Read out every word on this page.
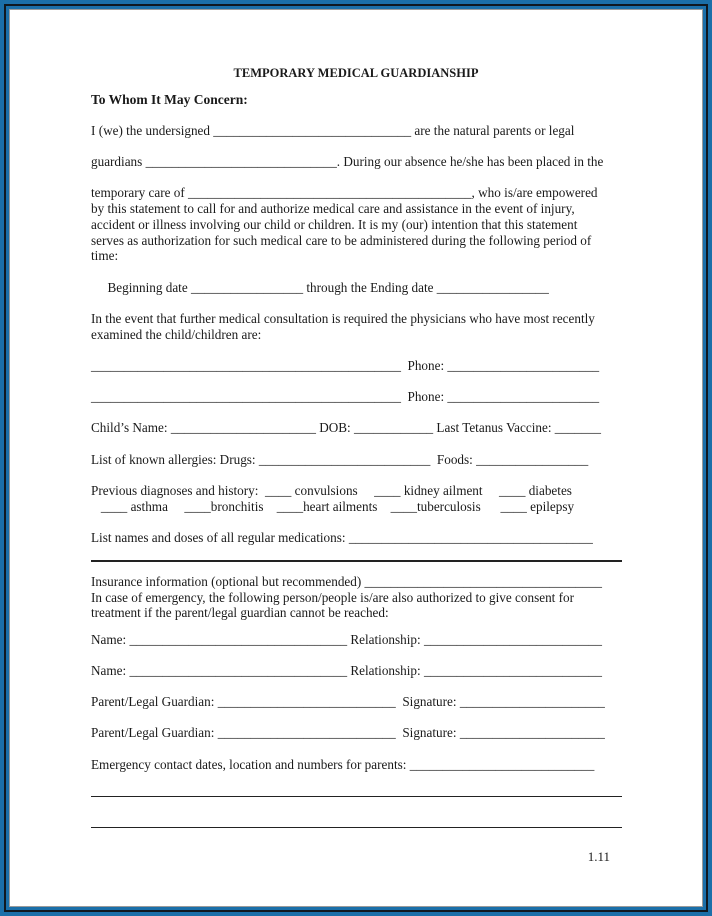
TEMPORARY MEDICAL GUARDIANSHIP
To Whom It May Concern:
I (we) the undersigned ______________________________ are the natural parents or legal
guardians _____________________________. During our absence he/she has been placed in the
temporary care of ___________________________________________, who is/are empowered
by this statement to call for and authorize medical care and assistance in the event of injury,
accident or illness involving our child or children. It is my (our) intention that this statement
serves as authorization for such medical care to be administered during the following period of
time:
Beginning date _________________ through the Ending date _________________
In the event that further medical consultation is required the physicians who have most recently
examined the child/children are:
_______________________________________________  Phone: _______________________
_______________________________________________  Phone: _______________________
Child’s Name: ______________________ DOB: ____________ Last Tetanus Vaccine: _______
List of known allergies: Drugs: __________________________  Foods: _________________
Previous diagnoses and history:  ____ convulsions     ____ kidney ailment     ____ diabetes
____ asthma     ____bronchitis    ____heart ailments    ____tuberculosis      ____ epilepsy
List names and doses of all regular medications: _____________________________________
Insurance information (optional but recommended) ____________________________________
In case of emergency, the following person/people is/are also authorized to give consent for
treatment if the parent/legal guardian cannot be reached:
Name: _________________________________ Relationship: ___________________________
Name: _________________________________ Relationship: ___________________________
Parent/Legal Guardian: ___________________________  Signature: ______________________
Parent/Legal Guardian: ___________________________  Signature: ______________________
Emergency contact dates, location and numbers for parents: ____________________________
1.11
